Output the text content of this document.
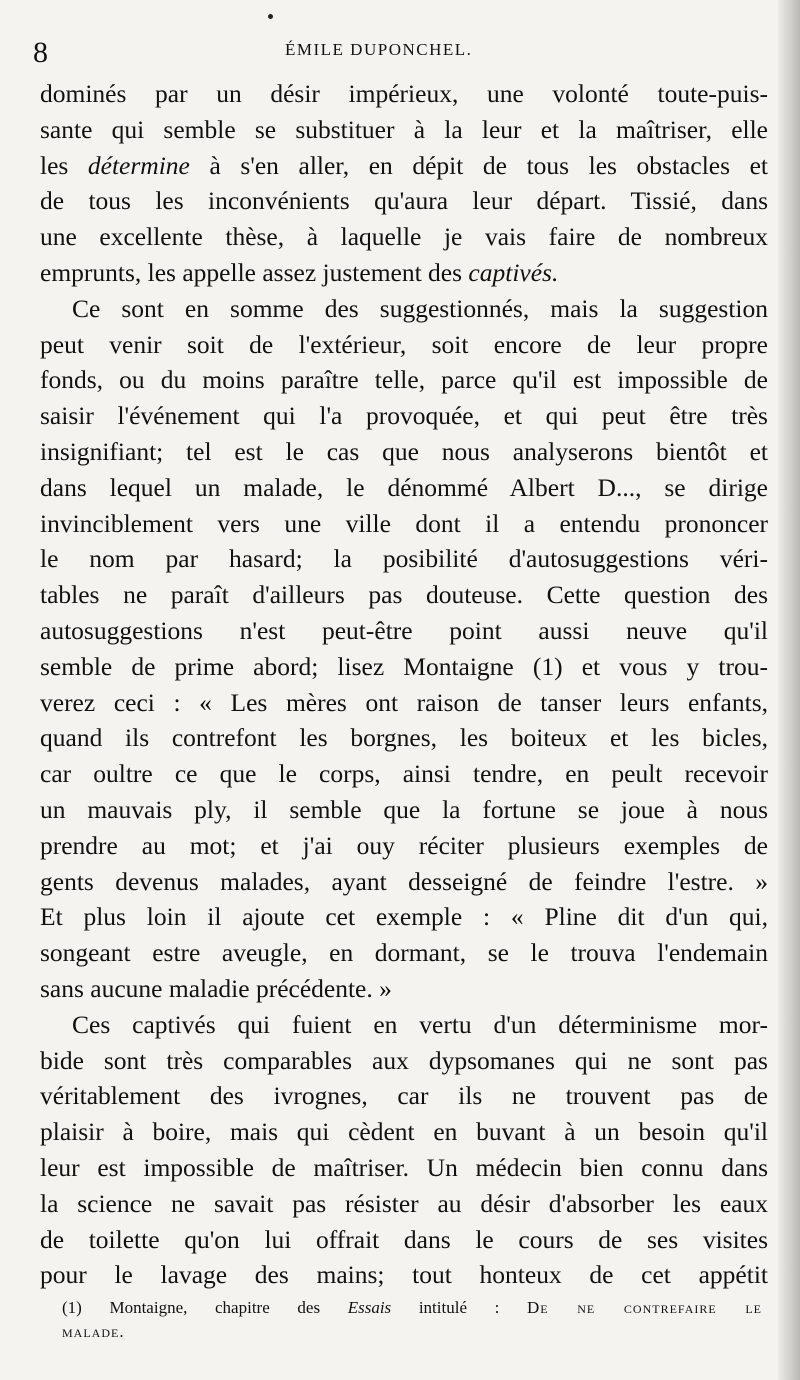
8	ÉMILE DUPONCHEL.
dominés par un désir impérieux, une volonté toute-puis-
sante qui semble se substituer à la leur et la maîtriser, elle
les détermine à s'en aller, en dépit de tous les obstacles et
de tous les inconvénients qu'aura leur départ. Tissié, dans
une excellente thèse, à laquelle je vais faire de nombreux
emprunts, les appelle assez justement des captivés.
Ce sont en somme des suggestionnés, mais la suggestion
peut venir soit de l'extérieur, soit encore de leur propre
fonds, ou du moins paraître telle, parce qu'il est impossible de
saisir l'événement qui l'a provoquée, et qui peut être très
insignifiant; tel est le cas que nous analyserons bientôt et
dans lequel un malade, le dénommé Albert D..., se dirige
invinciblement vers une ville dont il a entendu prononcer
le nom par hasard; la posibilité d'autosuggestions véri-
tables ne paraît d'ailleurs pas douteuse. Cette question des
autosuggestions n'est peut-être point aussi neuve qu'il
semble de prime abord; lisez Montaigne (1) et vous y trou-
verez ceci : « Les mères ont raison de tanser leurs enfants,
quand ils contrefont les borgnes, les boiteux et les bicles,
car oultre ce que le corps, ainsi tendre, en peult recevoir
un mauvais ply, il semble que la fortune se joue à nous
prendre au mot; et j'ai ouy réciter plusieurs exemples de
gents devenus malades, ayant desseigné de feindre l'estre. »
Et plus loin il ajoute cet exemple : « Pline dit d'un qui,
songeant estre aveugle, en dormant, se le trouva l'endemain
sans aucune maladie précédente. »
Ces captivés qui fuient en vertu d'un déterminisme mor-
bide sont très comparables aux dypsomanes qui ne sont pas
véritablement des ivrognes, car ils ne trouvent pas de
plaisir à boire, mais qui cèdent en buvant à un besoin qu'il
leur est impossible de maîtriser. Un médecin bien connu dans
la science ne savait pas résister au désir d'absorber les eaux
de toilette qu'on lui offrait dans le cours de ses visites
pour le lavage des mains; tout honteux de cet appétit
(1) Montaigne, chapitre des Essais intitulé : De ne contrefaire le
malade.
